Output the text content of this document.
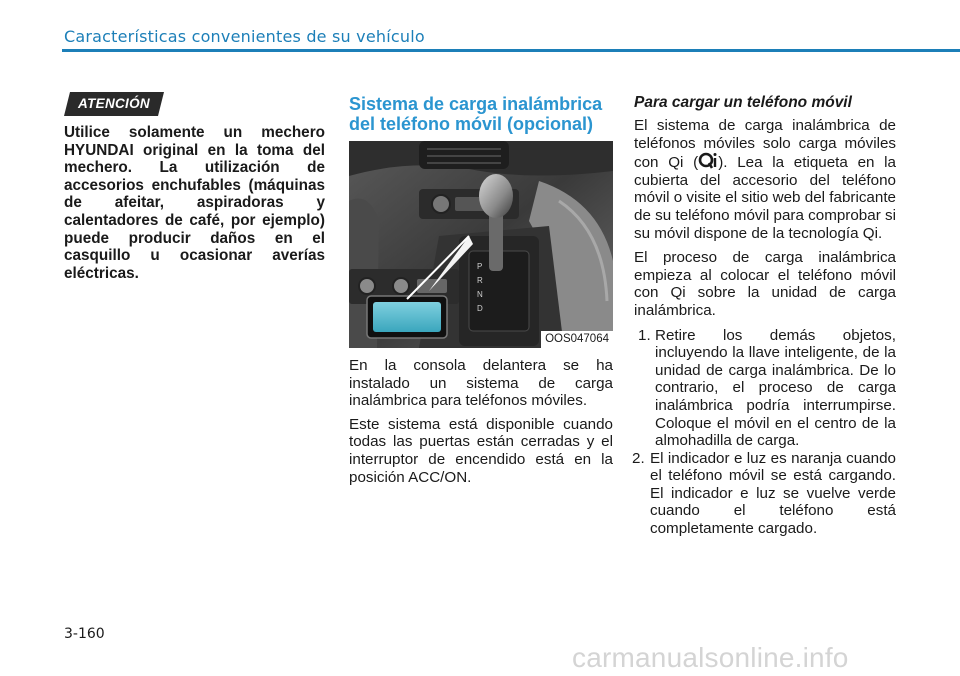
Características convenientes de su vehículo
ATENCIÓN
Utilice solamente un mechero HYUNDAI original en la toma del mechero. La utilización de accesorios enchufables (máquinas de afeitar, aspiradoras y calentadores de café, por ejemplo) puede producir daños en el casquillo u ocasionar averías eléctricas.
Sistema de carga inalámbrica del teléfono móvil (opcional)
P
R
N
D
OOS047064

En la consola delantera se ha instalado un sistema de carga inalámbrica para teléfonos móviles.

Este sistema está disponible cuando todas las puertas están cerradas y el interruptor de encendido está en la posición ACC/ON.

Para cargar un teléfono móvil

El sistema de carga inalámbrica de teléfonos móviles solo carga móviles con Qi ( ). Lea la etiqueta en la cubierta del accesorio del teléfono móvil o visite el sitio web del fabricante de su teléfono móvil para comprobar si su móvil dispone de la tecnología Qi.

El proceso de carga inalámbrica empieza al colocar el teléfono móvil con Qi sobre la unidad de carga inalámbrica.

1. Retire los demás objetos, incluyendo la llave inteligente, de la unidad de carga inalámbrica. De lo contrario, el proceso de carga inalámbrica podría interrumpirse. Coloque el móvil en el centro de la almohadilla de carga.
2. El indicador e luz es naranja cuando el teléfono móvil se está cargando. El indicador e luz se vuelve verde cuando el teléfono está completamente cargado.
3-160
carmanualsonline.info
